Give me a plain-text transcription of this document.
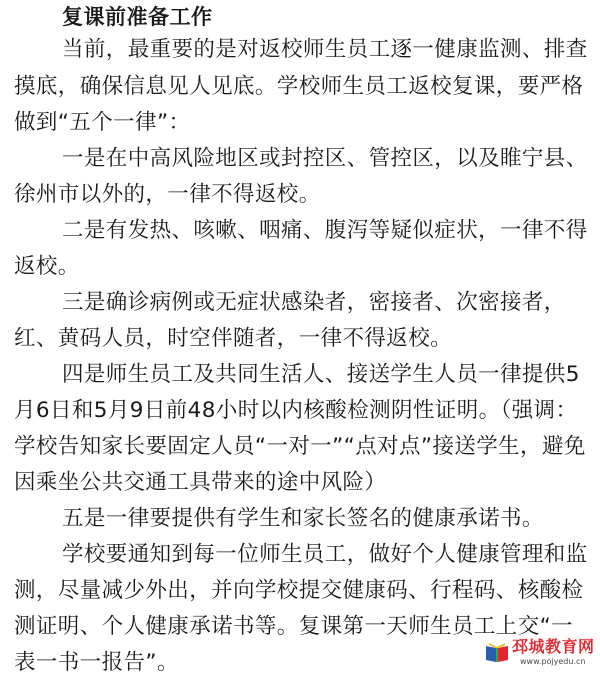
复课前准备工作
当前，最重要的是对返校师生员工逐一健康监测、排查
摸底，确保信息见人见底。学校师生员工返校复课，要严格
做到“五个一律”：
一是在中高风险地区或封控区、管控区，以及睢宁县、
徐州市以外的，一律不得返校。
二是有发热、咳嗽、咽痛、腹泻等疑似症状，一律不得
返校。
三是确诊病例或无症状感染者，密接者、次密接者，
红、黄码人员，时空伴随者，一律不得返校。
四是师生员工及共同生活人、接送学生人员一律提供5
月6日和5月9日前48小时以内核酸检测阴性证明。（强调：
学校告知家长要固定人员“一对一”“点对点”接送学生，避免
因乘坐公共交通工具带来的途中风险）
五是一律要提供有学生和家长签名的健康承诺书。
学校要通知到每一位师生员工，做好个人健康管理和监
测，尽量减少外出，并向学校提交健康码、行程码、核酸检
测证明、个人健康承诺书等。复课第一天师生员工上交“一
表一书一报告”。
邳城教育网
www.pojyedu.cn
